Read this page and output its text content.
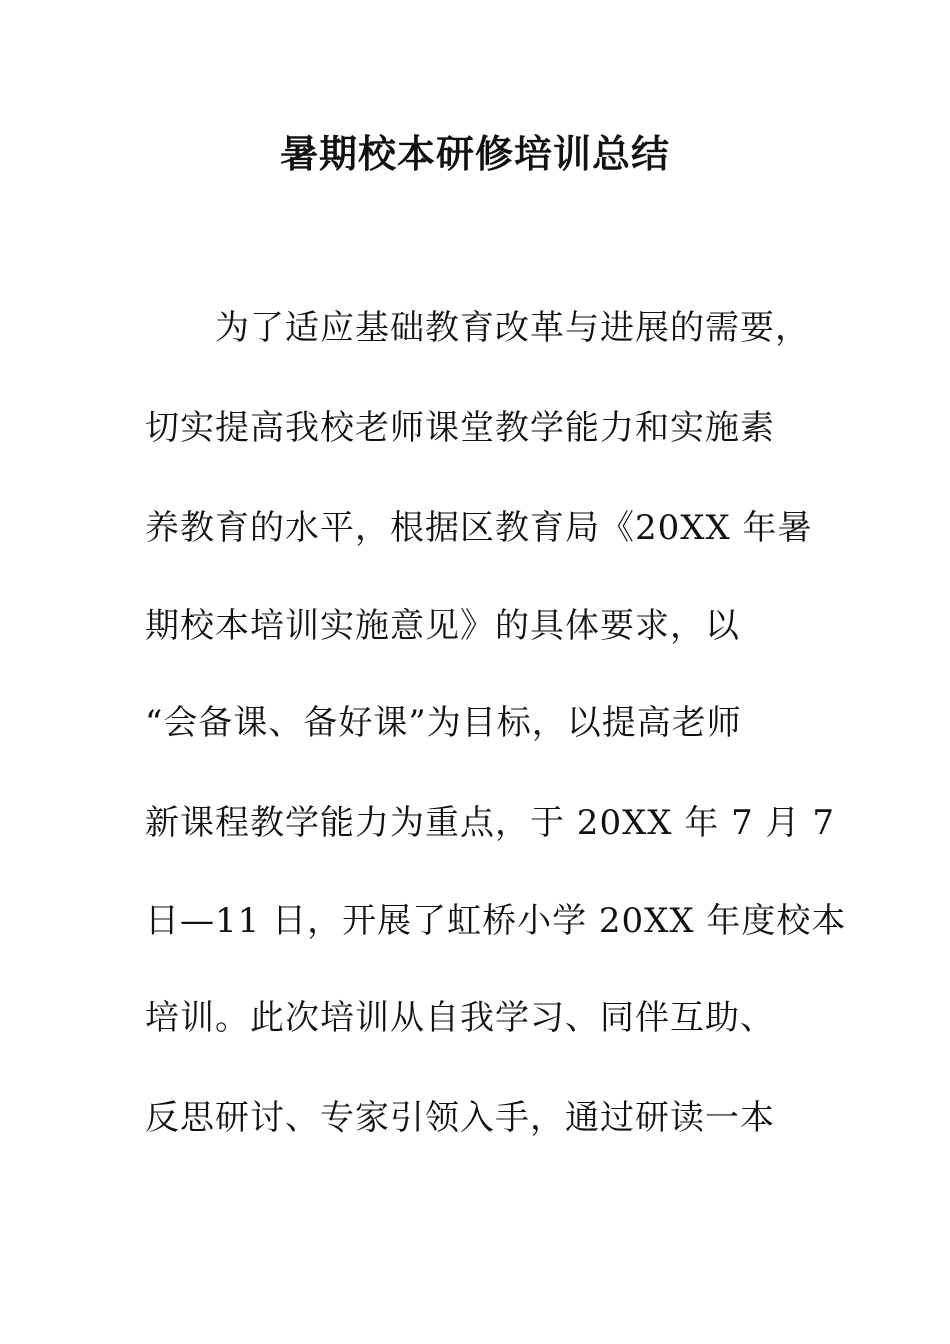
暑期校本研修培训总结
为了适应基础教育改革与进展的需要，
切实提高我校老师课堂教学能力和实施素
养教育的水平，根据区教育局《20XX 年暑
期校本培训实施意见》的具体要求，以
“会备课、备好课”为目标，以提高老师
新课程教学能力为重点，于 20XX 年 7 月 7
日—11 日，开展了虹桥小学 20XX 年度校本
培训。此次培训从自我学习、同伴互助、
反思研讨、专家引领入手，通过研读一本
